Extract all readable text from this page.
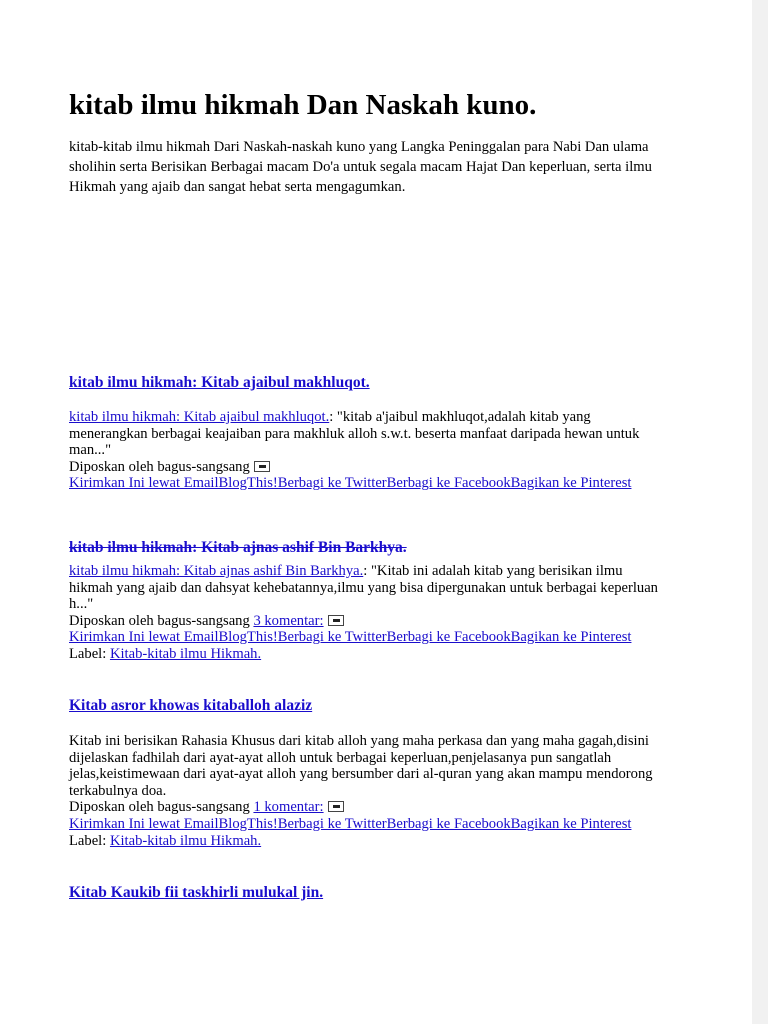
kitab ilmu hikmah Dan Naskah kuno.
kitab-kitab ilmu hikmah Dari Naskah-naskah kuno yang Langka Peninggalan para Nabi Dan ulama sholihin serta Berisikan Berbagai macam Do'a untuk segala macam Hajat Dan keperluan, serta ilmu Hikmah yang ajaib dan sangat hebat serta mengagumkan.
kitab ilmu hikmah: Kitab ajaibul makhluqot.

kitab ilmu hikmah: Kitab ajaibul makhluqot.: "kitab a'jaibul makhluqot,adalah kitab yang menerangkan berbagai keajaiban para makhluk alloh s.w.t. beserta manfaat daripada hewan untuk man..."

Diposkan oleh bagus-sangsang

Kirimkan Ini lewat EmailBlogThis!Berbagi ke TwitterBerbagi ke FacebookBagikan ke Pinterest

kitab ilmu hikmah: Kitab ajnas ashif Bin Barkhya.

kitab ilmu hikmah: Kitab ajnas ashif Bin Barkhya.: "Kitab ini adalah kitab yang berisikan ilmu hikmah yang ajaib dan dahsyat kehebatannya,ilmu yang bisa dipergunakan untuk berbagai keperluan h..."

Diposkan oleh bagus-sangsang 3 komentar:

Kirimkan Ini lewat EmailBlogThis!Berbagi ke TwitterBerbagi ke FacebookBagikan ke Pinterest

Label: Kitab-kitab ilmu Hikmah.

Kitab asror khowas kitaballoh alaziz

Kitab ini berisikan Rahasia Khusus dari kitab alloh yang maha perkasa dan yang maha gagah,disini dijelaskan fadhilah dari ayat-ayat alloh untuk berbagai keperluan,penjelasanya pun sangatlah jelas,keistimewaan dari ayat-ayat alloh yang bersumber dari al-quran yang akan mampu mendorong terkabulnya doa.

Diposkan oleh bagus-sangsang 1 komentar:

Kirimkan Ini lewat EmailBlogThis!Berbagi ke TwitterBerbagi ke FacebookBagikan ke Pinterest

Label: Kitab-kitab ilmu Hikmah.

Kitab Kaukib fii taskhirli mulukal jin.
